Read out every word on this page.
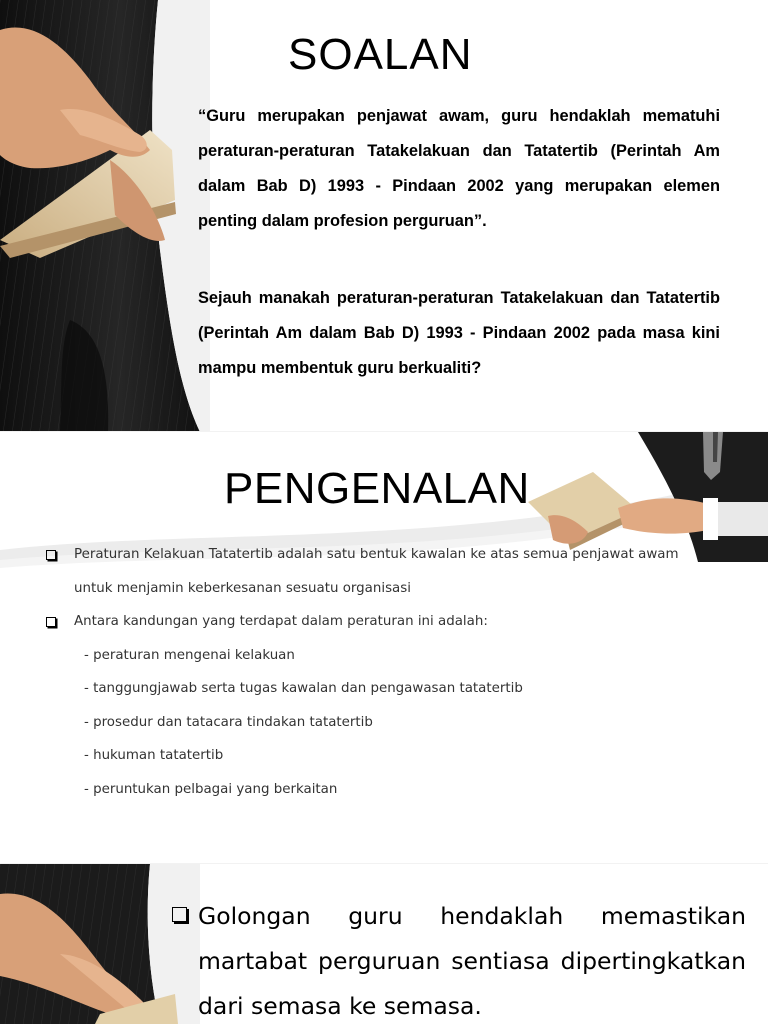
SOALAN

“Guru merupakan penjawat awam, guru hendaklah mematuhi peraturan-peraturan Tatakelakuan dan Tatatertib (Perintah Am dalam Bab D) 1993 - Pindaan 2002 yang merupakan elemen penting dalam profesion perguruan”.

Sejauh manakah peraturan-peraturan Tatakelakuan dan Tatatertib (Perintah Am dalam Bab D) 1993 - Pindaan 2002 pada masa kini mampu membentuk guru berkualiti?

PENGENALAN
Peraturan Kelakuan Tatatertib adalah satu bentuk kawalan ke atas semua penjawat awam
untuk menjamin keberkesanan sesuatu organisasi
Antara kandungan yang terdapat dalam peraturan ini adalah:
- peraturan mengenai kelakuan
- tanggungjawab serta tugas kawalan dan pengawasan tatatertib
- prosedur dan tatacara tindakan tatatertib
- hukuman tatatertib
- peruntukan pelbagai yang berkaitan

Golongan guru hendaklah memastikan martabat perguruan sentiasa dipertingkatkan dari semasa ke semasa.
